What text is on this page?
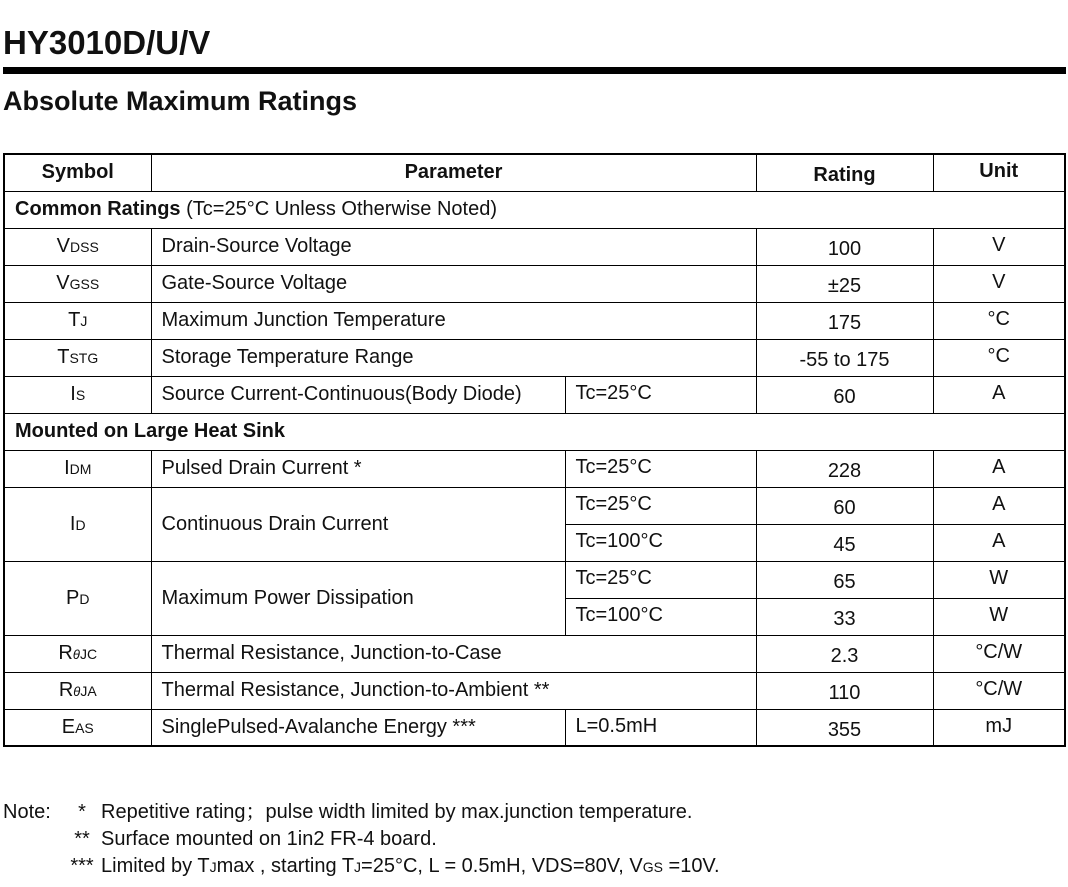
HY3010D/U/V
Absolute Maximum Ratings
Symbol	Parameter		Rating	Unit
Common Ratings (Tc=25°C Unless Otherwise Noted)				
VDSS	Drain-Source Voltage		100	V
VGSS	Gate-Source Voltage		±25	V
TJ	Maximum Junction Temperature		175	°C
TSTG	Storage Temperature Range		-55 to 175	°C
IS	Source Current-Continuous(Body Diode)	Tc=25°C	60	A
Mounted on Large Heat Sink				
IDM	Pulsed Drain Current *	Tc=25°C	228	A
ID	Continuous Drain Current	Tc=25°C	60	A
		Tc=100°C	45	A
PD	Maximum Power Dissipation	Tc=25°C	65	W
		Tc=100°C	33	W
RθJC	Thermal Resistance, Junction-to-Case		2.3	°C/W
RθJA	Thermal Resistance, Junction-to-Ambient **		110	°C/W
EAS	SinglePulsed-Avalanche Energy ***	L=0.5mH	355	mJ
Note:	* Repetitive rating；pulse width limited by max.junction temperature.
** Surface mounted on 1in2 FR-4 board.
*** Limited by TJmax , starting TJ=25°C, L = 0.5mH, VDS=80V, VGS =10V.
